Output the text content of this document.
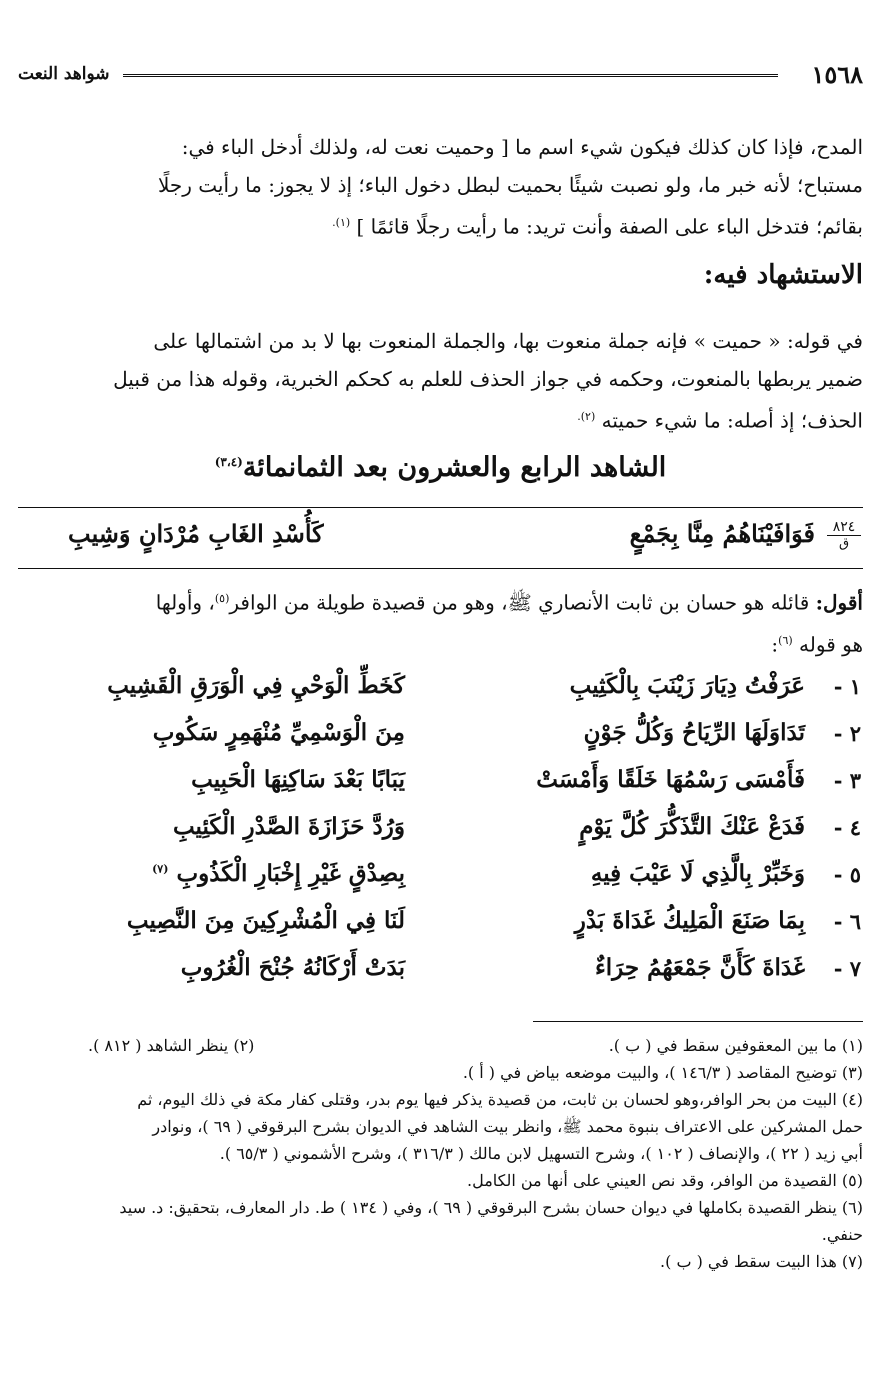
١٥٦٨
شواهد النعت
المدح، فإذا كان كذلك فيكون شيء اسم ما [ وحميت نعت له، ولذلك أدخل الباء في:
مستباح؛ لأنه خبر ما، ولو نصبت شيئًا بحميت لبطل دخول الباء؛ إذ لا يجوز: ما رأيت رجلًا
بقائم؛ فتدخل الباء على الصفة وأنت تريد: ما رأيت رجلًا قائمًا ] $^{(١).}$
الاستشهاد فيه:
في قوله: « حميت » فإنه جملة منعوت بها، والجملة المنعوت بها لا بد من اشتمالها على
ضمير يربطها بالمنعوت، وحكمه في جواز الحذف للعلم به كحكم الخبرية، وقوله هذا من قبيل
الحذف؛ إذ أصله: ما شيء حميته $^{(٢).}$
الشاهد الرابع والعشرون بعد الثمانمائة$^{(٣،٤)}$
٨٢٤
ق
فَوَافَيْنَاهُمُ مِنَّا بِجَمْعٍ
كَأُسْدِ الغَابِ مُرْدَانٍ وَشِيبِ
أقول: قائله هو حسان بن ثابت الأنصاري ﷺ، وهو من قصيدة طويلة من الوافر$^{(٥)}$، وأولها
هو قوله $^{(٦)}$:
١ -
عَرَفْتُ دِيَارَ زَيْنَبَ بِالْكَثِيبِ
كَخَطِّ الْوَحْيِ فِي الْوَرَقِ الْقَشِيبِ
٢ -
تَدَاوَلَهَا الرِّيَاحُ وَكُلُّ جَوْنٍ
مِنَ الْوَسْمِيِّ مُنْهَمِرٍ سَكُوبِ
٣ -
فَأَمْسَى رَسْمُهَا خَلَقًا وَأَمْسَتْ
يَبَابًا بَعْدَ سَاكِنِهَا الْحَبِيبِ
٤ -
فَدَعْ عَنْكَ التَّذَكُّرَ كُلَّ يَوْمٍ
وَرُدَّ حَزَازَةَ الصَّدْرِ الْكَئِيبِ
٥ -
وَخَبِّرْ بِالَّذِي لَا عَيْبَ فِيهِ
بِصِدْقٍ غَيْرِ إِخْبَارِ الْكَذُوبِ $^{(٧)}$
٦ -
بِمَا صَنَعَ الْمَلِيكُ غَدَاةَ بَدْرٍ
لَنَا فِي الْمُشْرِكِينَ مِنَ النَّصِيبِ
٧ -
غَدَاةَ كَأَنَّ جَمْعَهُمُ حِرَاءٌ
بَدَتْ أَرْكَانُهُ جُنْحَ الْغُرُوبِ
(١) ما بين المعقوفين سقط في ( ب ).
(٢) ينظر الشاهد ( ٨١٢ ).
(٣) توضيح المقاصد ( ١٤٦/٣ )، والبيت موضعه بياض في ( أ ).
(٤) البيت من بحر الوافر،وهو لحسان بن ثابت، من قصيدة يذكر فيها يوم بدر، وقتلى كفار مكة في ذلك اليوم، ثم
حمل المشركين على الاعتراف بنبوة محمد ﷺ، وانظر بيت الشاهد في الديوان بشرح البرقوقي ( ٦٩ )، ونوادر
أبي زيد ( ٢٢ )، والإنصاف ( ١٠٢ )، وشرح التسهيل لابن مالك ( ٣١٦/٣ )، وشرح الأشموني ( ٦٥/٣ ).
(٥) القصيدة من الوافر، وقد نص العيني على أنها من الكامل.
(٦) ينظر القصيدة بكاملها في ديوان حسان بشرح البرقوقي ( ٦٩ )، وفي ( ١٣٤ ) ط. دار المعارف، بتحقيق: د. سيد
حنفي.
(٧) هذا البيت سقط في ( ب ).
